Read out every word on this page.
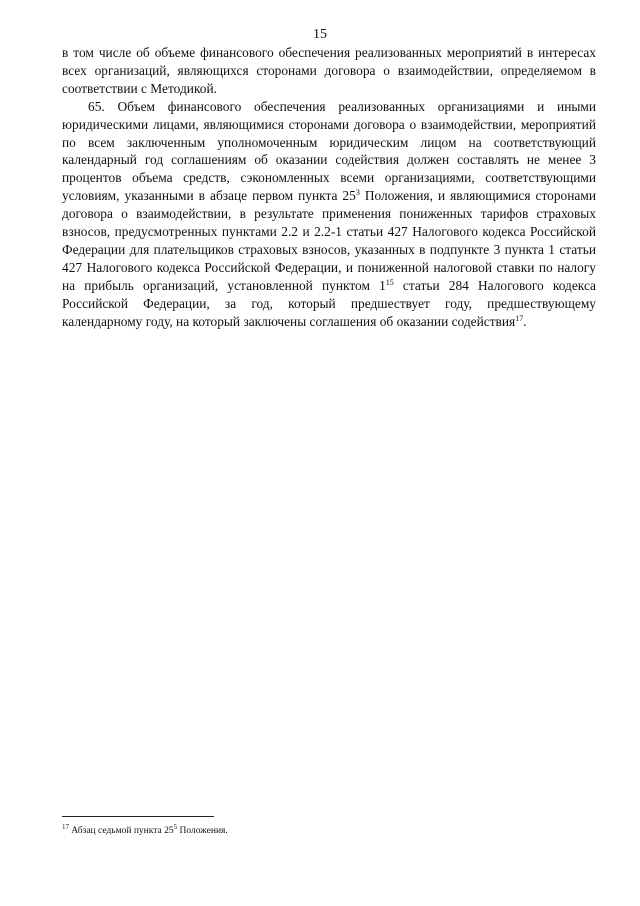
15

в том числе об объеме финансового обеспечения реализованных мероприятий в интересах всех организаций, являющихся сторонами договора о взаимодействии, определяемом в соответствии с Методикой.

65. Объем финансового обеспечения реализованных организациями и иными юридическими лицами, являющимися сторонами договора о взаимодействии, мероприятий по всем заключенным уполномоченным юридическим лицом на соответствующий календарный год соглашениям об оказании содействия должен составлять не менее 3 процентов объема средств, сэкономленных всеми организациями, соответствующими условиям, указанными в абзаце первом пункта $25^3$ Положения, и являющимися сторонами договора о взаимодействии, в результате применения пониженных тарифов страховых взносов, предусмотренных пунктами 2.2 и 2.2-1 статьи 427 Налогового кодекса Российской Федерации для плательщиков страховых взносов, указанных в подпункте 3 пункта 1 статьи 427 Налогового кодекса Российской Федерации, и пониженной налоговой ставки по налогу на прибыль организаций, установленной пунктом $1^{15}$ статьи 284 Налогового кодекса Российской Федерации, за год, который предшествует году, предшествующему календарному году, на который заключены соглашения об оказании содействия$^{17}$.

$^{17}$ Абзац седьмой пункта $25^5$ Положения.
